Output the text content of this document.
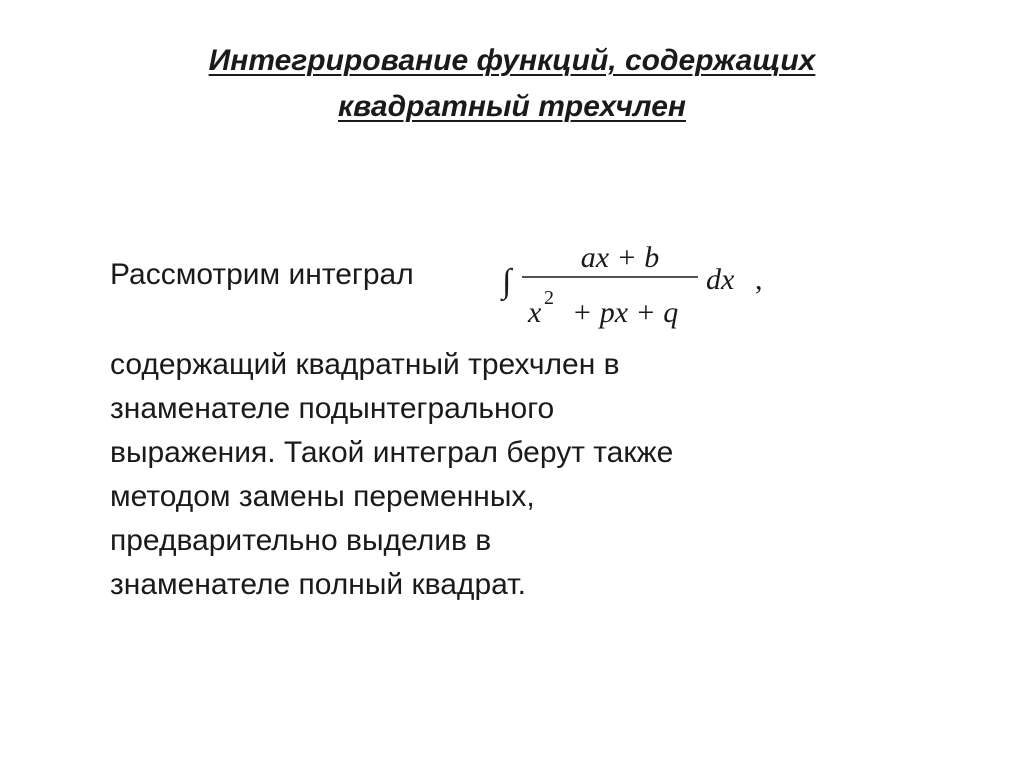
Интегрирование функций, содержащих
квадратный трехчлен
Рассмотрим интеграл	∫
ax + b
x 2 + px + q
dx ,
содержащий квадратный трехчлен в
знаменателе подынтегрального
выражения. Такой интеграл берут также
методом замены переменных,
предварительно выделив в
знаменателе полный квадрат.
